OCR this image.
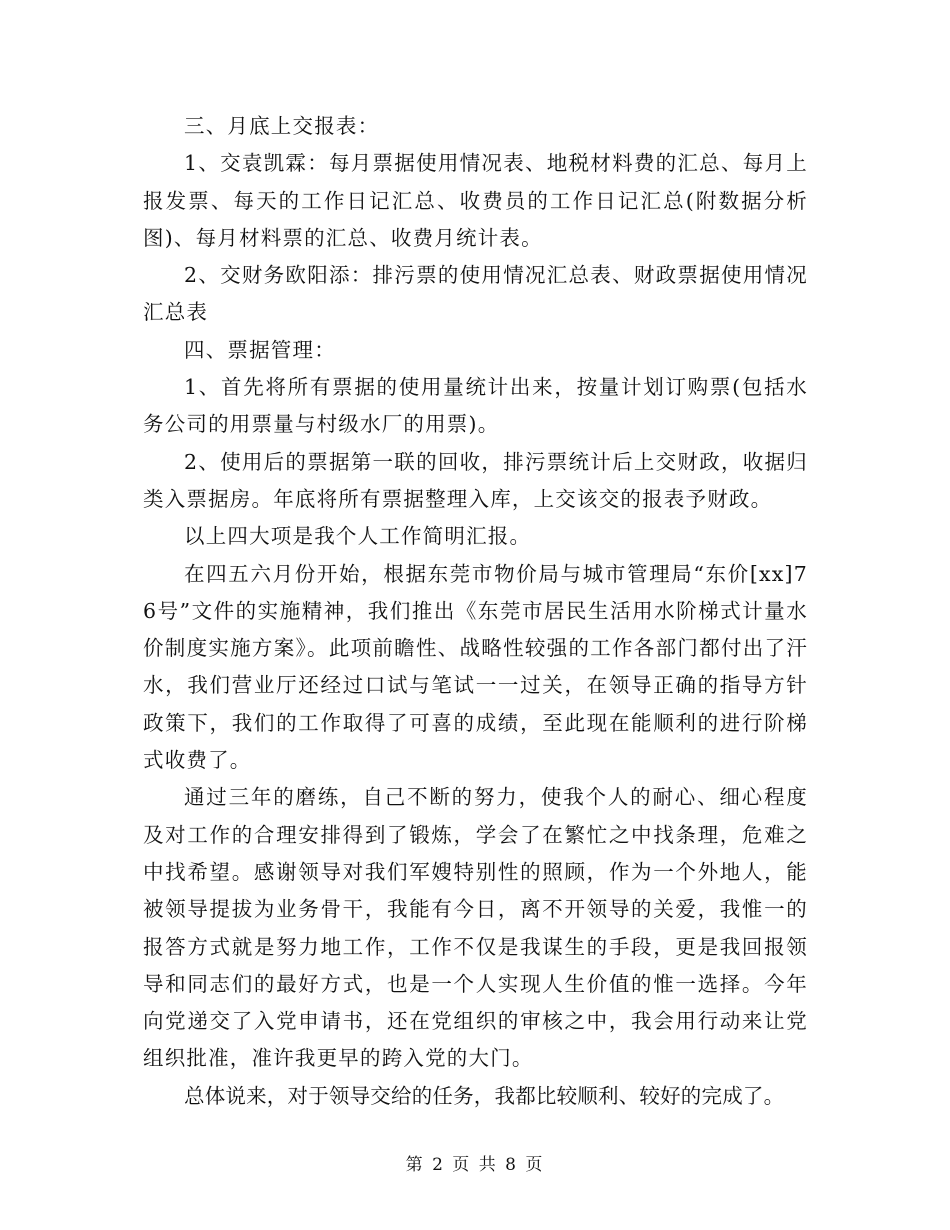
三、月底上交报表：

1、交袁凯霖：每月票据使用情况表、地税材料费的汇总、每月上报发票、每天的工作日记汇总、收费员的工作日记汇总(附数据分析图)、每月材料票的汇总、收费月统计表。

2、交财务欧阳添：排污票的使用情况汇总表、财政票据使用情况汇总表

四、票据管理：

1、首先将所有票据的使用量统计出来，按量计划订购票(包括水务公司的用票量与村级水厂的用票)。

2、使用后的票据第一联的回收，排污票统计后上交财政，收据归类入票据房。年底将所有票据整理入库，上交该交的报表予财政。

以上四大项是我个人工作简明汇报。

在四五六月份开始，根据东莞市物价局与城市管理局“东价[xx]76号”文件的实施精神，我们推出《东莞市居民生活用水阶梯式计量水价制度实施方案》。此项前瞻性、战略性较强的工作各部门都付出了汗水，我们营业厅还经过口试与笔试一一过关，在领导正确的指导方针政策下，我们的工作取得了可喜的成绩，至此现在能顺利的进行阶梯式收费了。

通过三年的磨练，自己不断的努力，使我个人的耐心、细心程度及对工作的合理安排得到了锻炼，学会了在繁忙之中找条理，危难之中找希望。感谢领导对我们军嫂特别性的照顾，作为一个外地人，能被领导提拔为业务骨干，我能有今日，离不开领导的关爱，我惟一的报答方式就是努力地工作，工作不仅是我谋生的手段，更是我回报领导和同志们的最好方式，也是一个人实现人生价值的惟一选择。今年向党递交了入党申请书，还在党组织的审核之中，我会用行动来让党组织批准，准许我更早的跨入党的大门。

总体说来，对于领导交给的任务，我都比较顺利、较好的完成了。

第 2 页 共 8 页
